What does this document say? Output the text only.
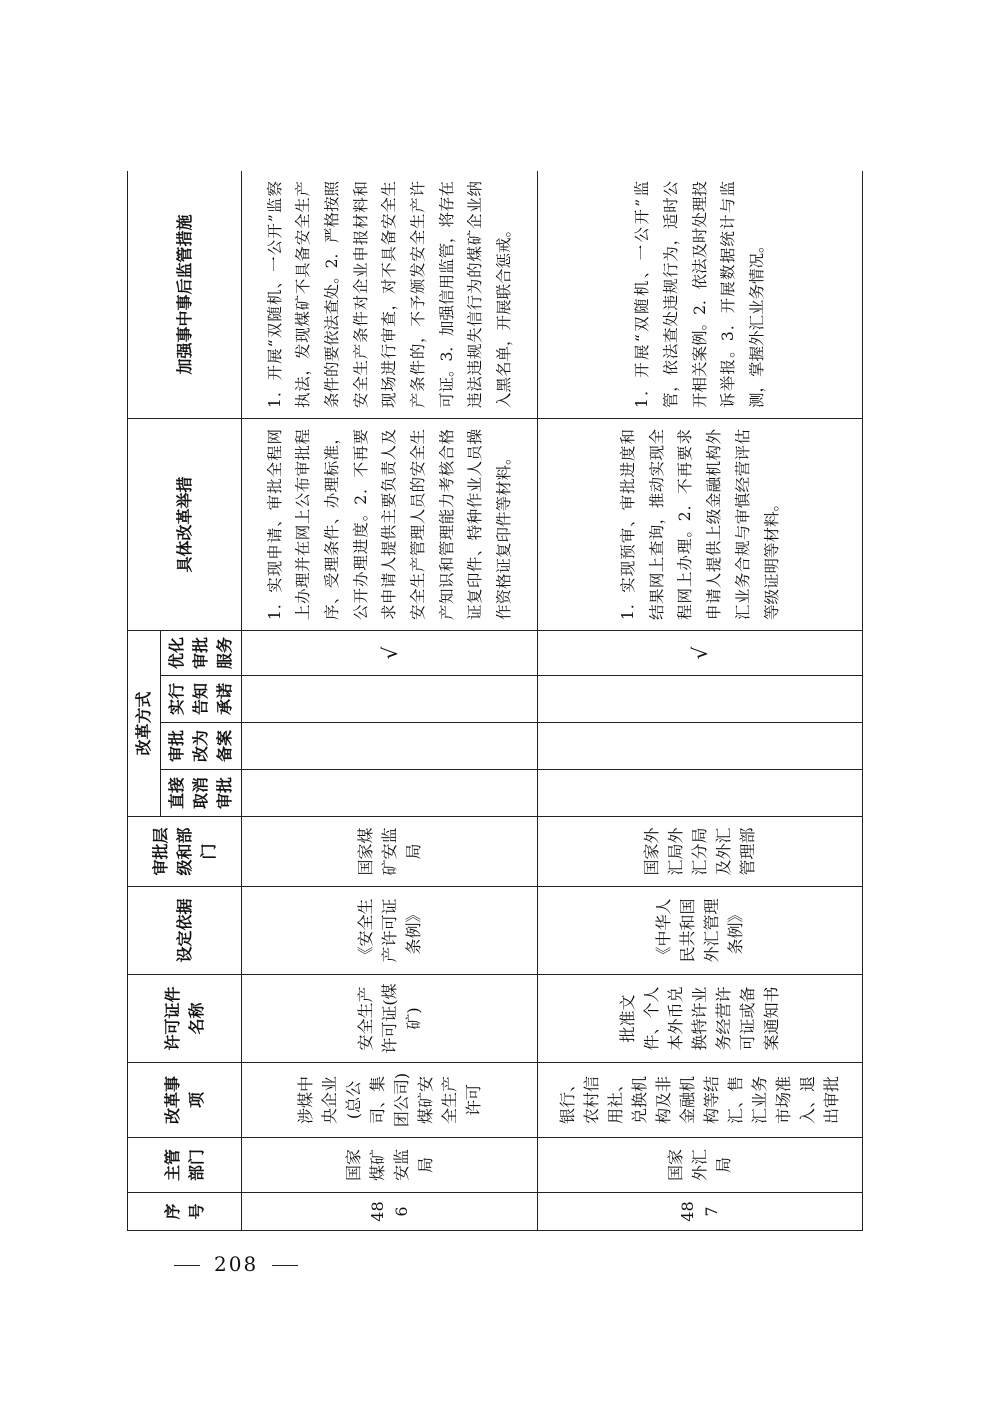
序号	主管部门	改革事项	许可证件名称	设定依据	审批层级和部门	改革方式				具体改革举措	加强事中事后监管措施
						直接取消审批	审批改为备案	实行告知承诺	优化审批服务		
486	国家煤矿安监局	涉煤中央企业(总公司、集团公司)煤矿安全生产许可	安全生产许可证(煤矿)	《安全生产许可证条例》	国家煤矿安监局				√	1．实现申请、审批全程网上办理并在网上公布审批程序、受理条件、办理标准，公开办理进度。2．不再要求申请人提供主要负责人及安全生产管理人员的安全生产知识和管理能力考核合格证复印件、特种作业人员操作资格证复印件等材料。	1．开展“双随机、一公开”监察执法，发现煤矿不具备安全生产条件的要依法查处。2．严格按照安全生产条件对企业申报材料和现场进行审查，对不具备安全生产条件的，不予颁发安全生产许可证。3．加强信用监管，将存在违法违规失信行为的煤矿企业纳入黑名单，开展联合惩戒。
487	国家外汇局	银行、农村信用社、兑换机构及非金融机构等结汇、售汇业务市场准入、退出审批	批准文件、个人本外币兑换特许业务经营许可证或备案通知书	《中华人民共和国外汇管理条例》	国家外汇局外汇分局及外汇管理部				√	1．实现预审、审批进度和结果网上查询，推动实现全程网上办理。2．不再要求申请人提供上级金融机构外汇业务合规与审慎经营评估等级证明等材料。	1．开展“双随机、一公开”监管，依法查处违规行为，适时公开相关案例。2．依法及时处理投诉举报。3．开展数据统计与监测，掌握外汇业务情况。
208
